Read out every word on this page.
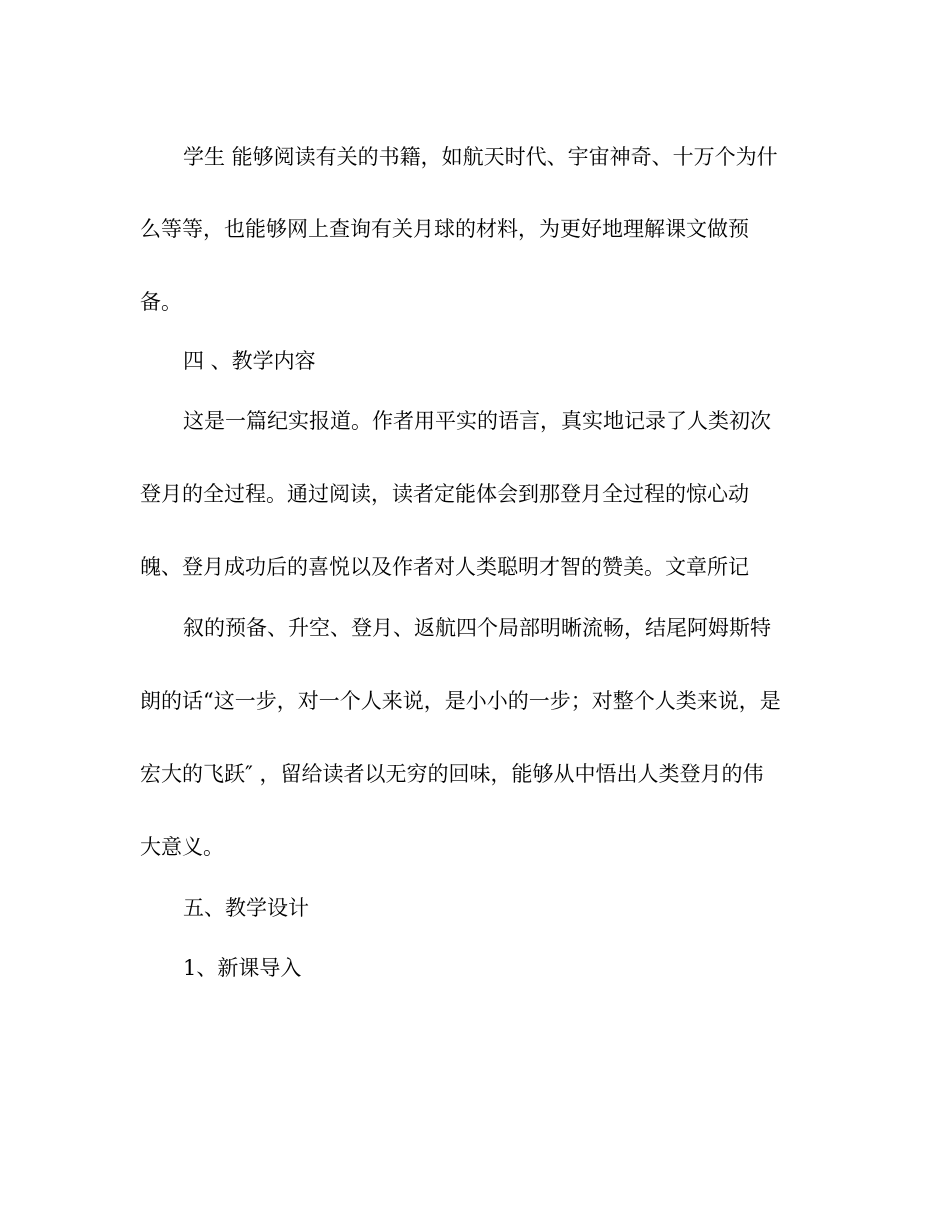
学生 能够阅读有关的书籍，如航天时代、宇宙神奇、十万个为什
么等等，也能够网上查询有关月球的材料，为更好地理解课文做预
备。
四 、教学内容
这是一篇纪实报道。作者用平实的语言，真实地记录了人类初次
登月的全过程。通过阅读，读者定能体会到那登月全过程的惊心动
魄、登月成功后的喜悦以及作者对人类聪明才智的赞美。文章所记
叙的预备、升空、登月、返航四个局部明晰流畅，结尾阿姆斯特
朗的话“这一步，对一个人来说，是小小的一步；对整个人类来说，是
宏大的飞跃″ ，留给读者以无穷的回味，能够从中悟出人类登月的伟
大意义。
五、教学设计
1、新课导入
